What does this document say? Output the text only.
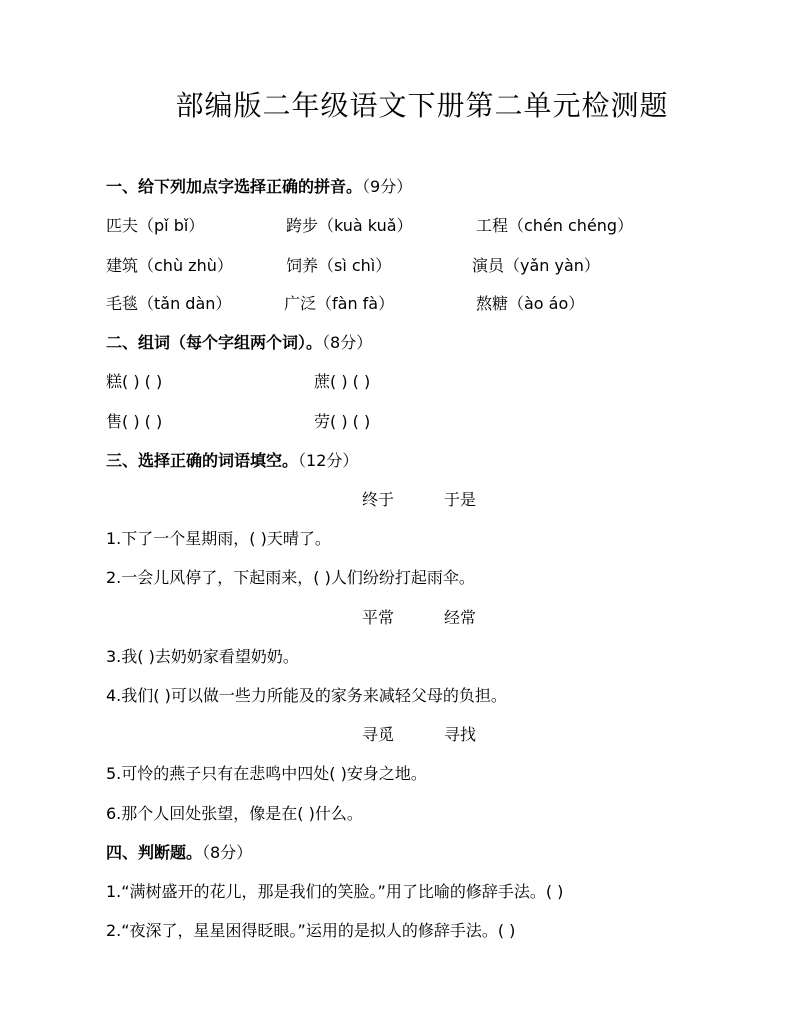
部编版二年级语文下册第二单元检测题
一、给下列加点字选择正确的拼音。（9分）
匹夫（pǐ bǐ）	跨步（kuà kuǎ）	工程（chén chéng）
建筑（chù zhù）	饲养（sì chì）	演员（yǎn yàn）
毛毯（tǎn dàn）	广泛（fàn fà）	熬糖（ào áo）
二、组词（每个字组两个词）。（8分）
糕( ) ( )	蔗( ) ( )
售( ) ( )	劳( ) ( )
三、选择正确的词语填空。（12分）
终于	于是
1.下了一个星期雨，( )天晴了。
2.一会儿风停了，下起雨来，( )人们纷纷打起雨伞。
平常	经常
3.我( )去奶奶家看望奶奶。
4.我们( )可以做一些力所能及的家务来减轻父母的负担。
寻觅	寻找
5.可怜的燕子只有在悲鸣中四处( )安身之地。
6.那个人回处张望，像是在( )什么。
四、判断题。（8分）
1.“满树盛开的花儿，那是我们的笑脸。”用了比喻的修辞手法。( )
2.“夜深了，星星困得眨眼。”运用的是拟人的修辞手法。( )
